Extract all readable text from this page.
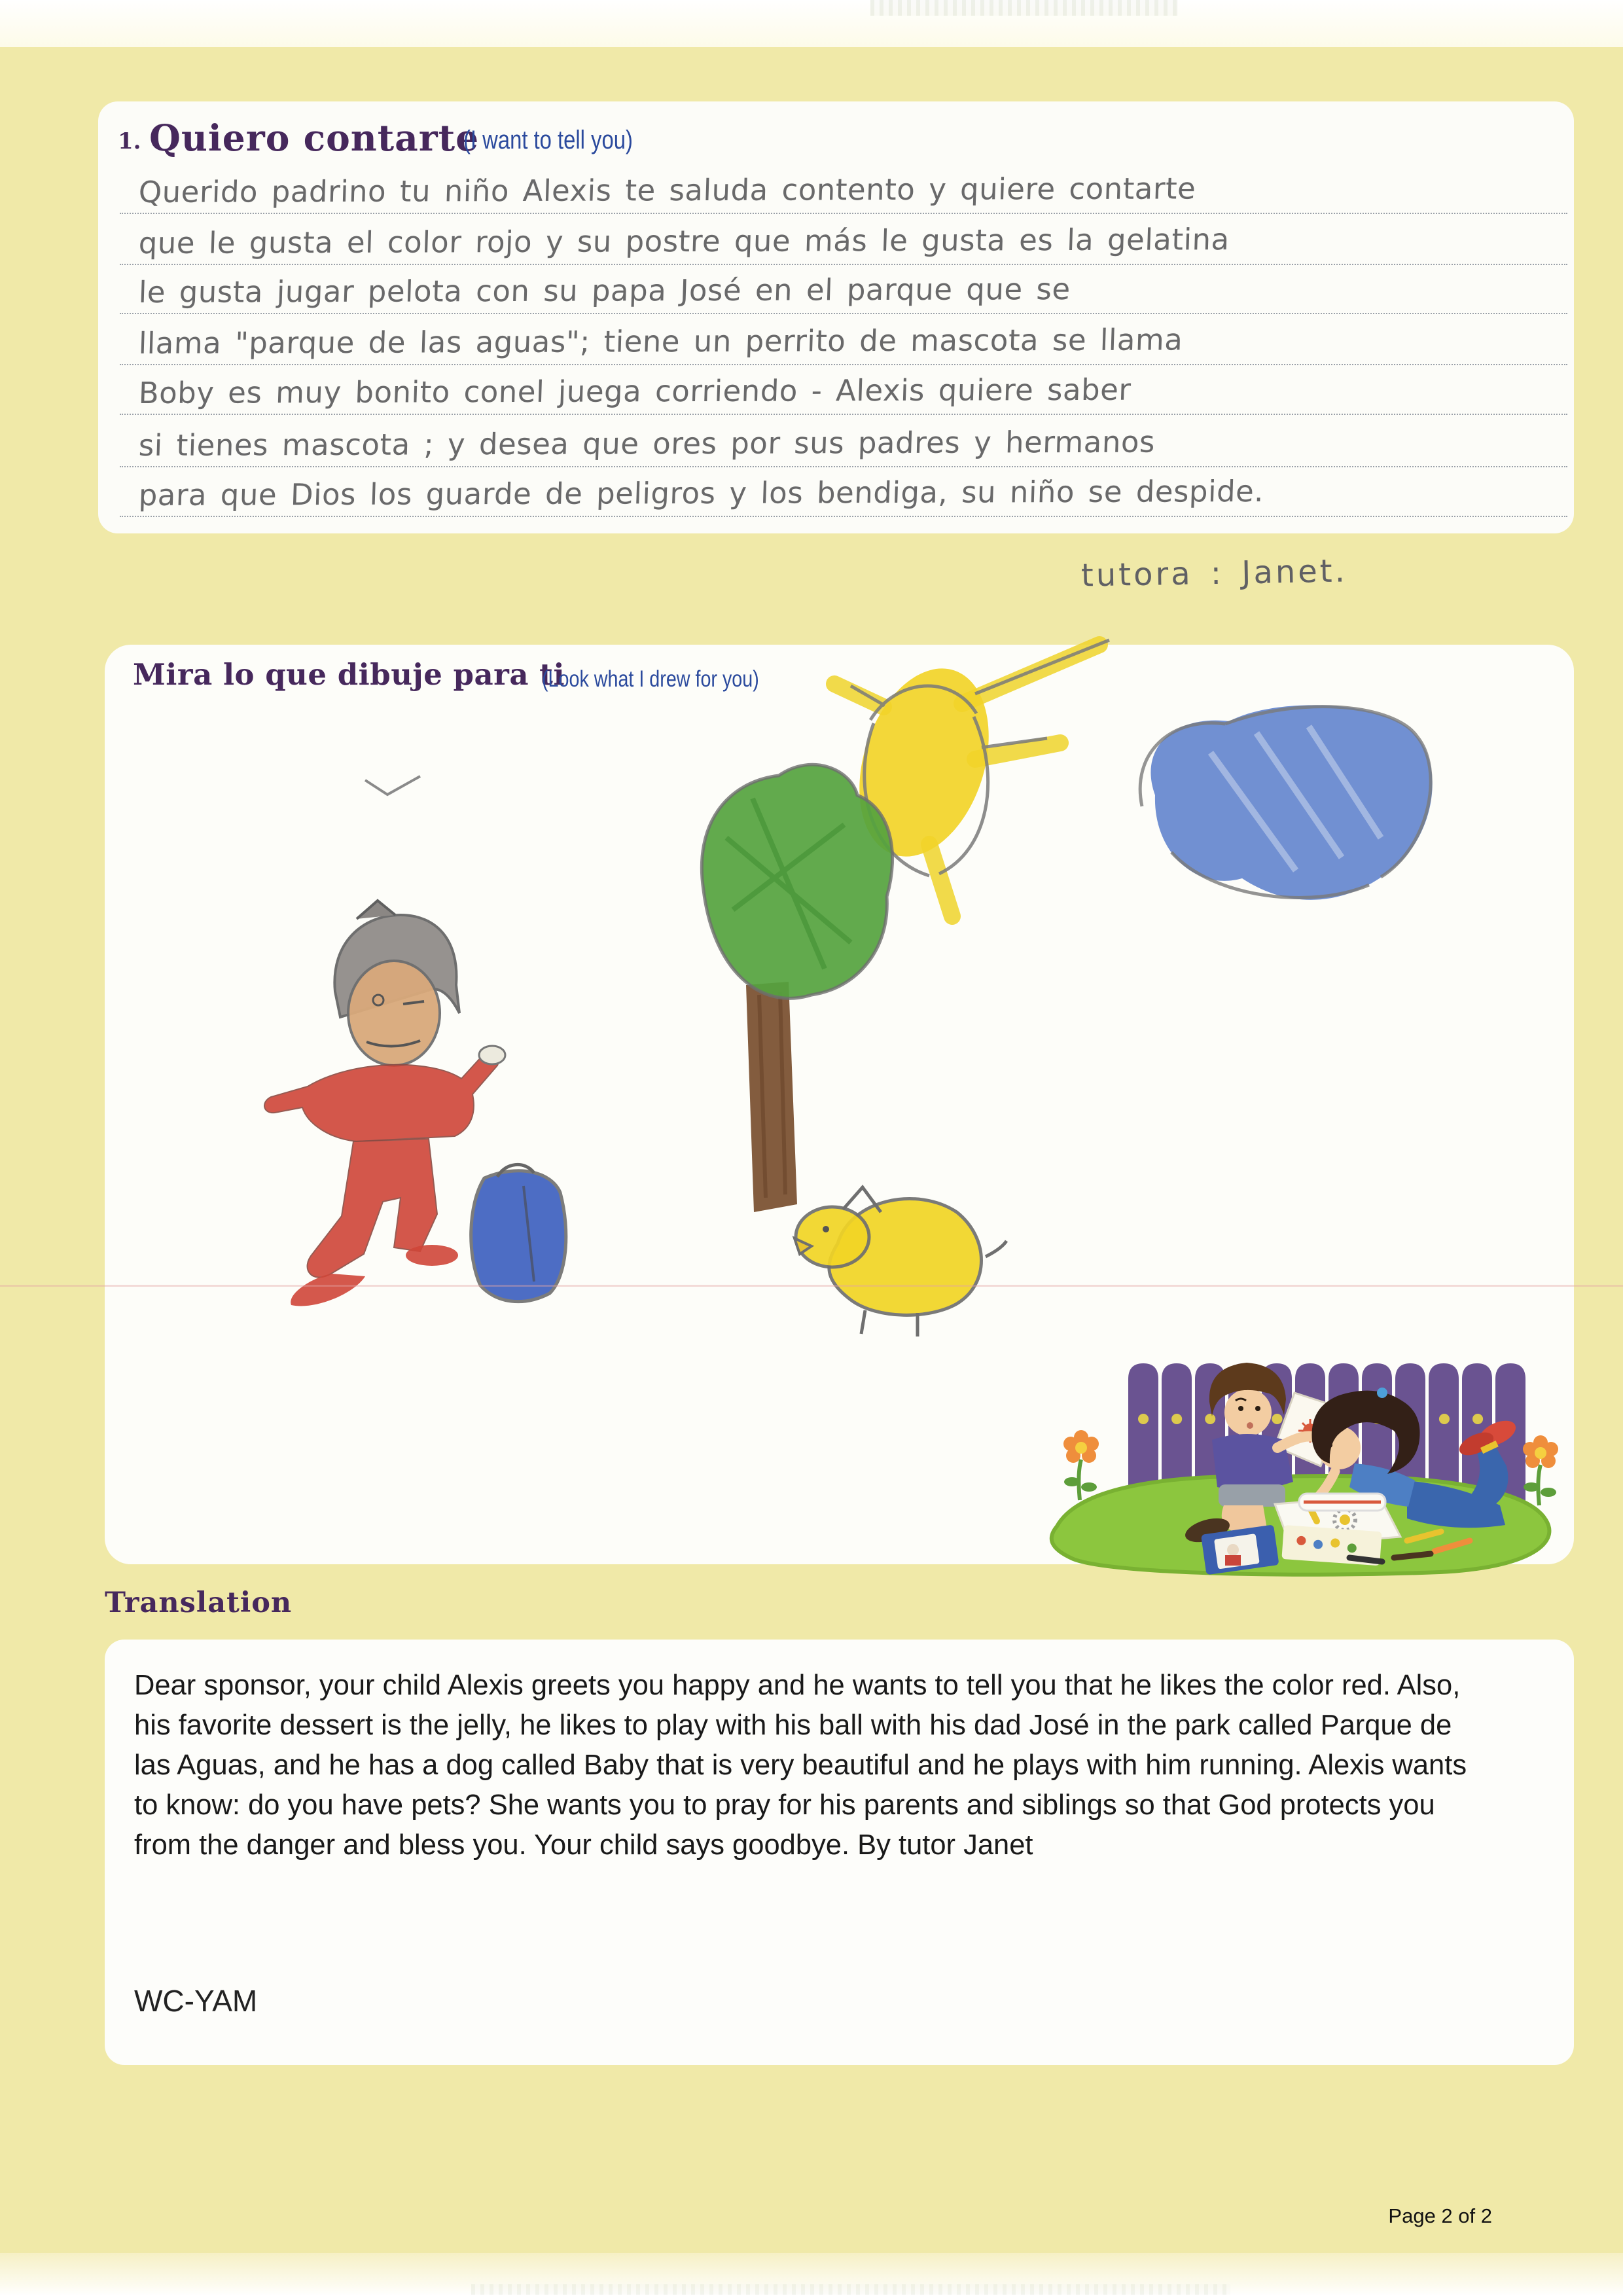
1. Quiero contarte
(I want to tell you)
Querido padrino tu niño Alexis te saluda contento y quiere contarte
que le gusta el color rojo y su postre que más le gusta es la gelatina
le gusta jugar pelota con su papa José en el parque que se
llama "parque de las aguas"; tiene un perrito de mascota se llama
Boby es muy bonito conel juega corriendo - Alexis quiere saber
si tienes mascota ; y desea que ores por sus padres y hermanos
para que Dios los guarde de peligros y los bendiga, su niño se despide.
tutora : Janet.
Mira lo que dibuje para ti
(Look what I drew for you)
Translation
Dear sponsor, your child Alexis greets you happy and he wants to tell you that he likes the color red. Also, his favorite dessert is the jelly, he likes to play with his ball with his dad José in the park called Parque de las Aguas, and he has a dog called Baby that is very beautiful and he plays with him running. Alexis wants to know: do you have pets? She wants you to pray for his parents and siblings so that God protects you from the danger and bless you. Your child says goodbye. By tutor Janet
WC-YAM
Page 2 of 2
